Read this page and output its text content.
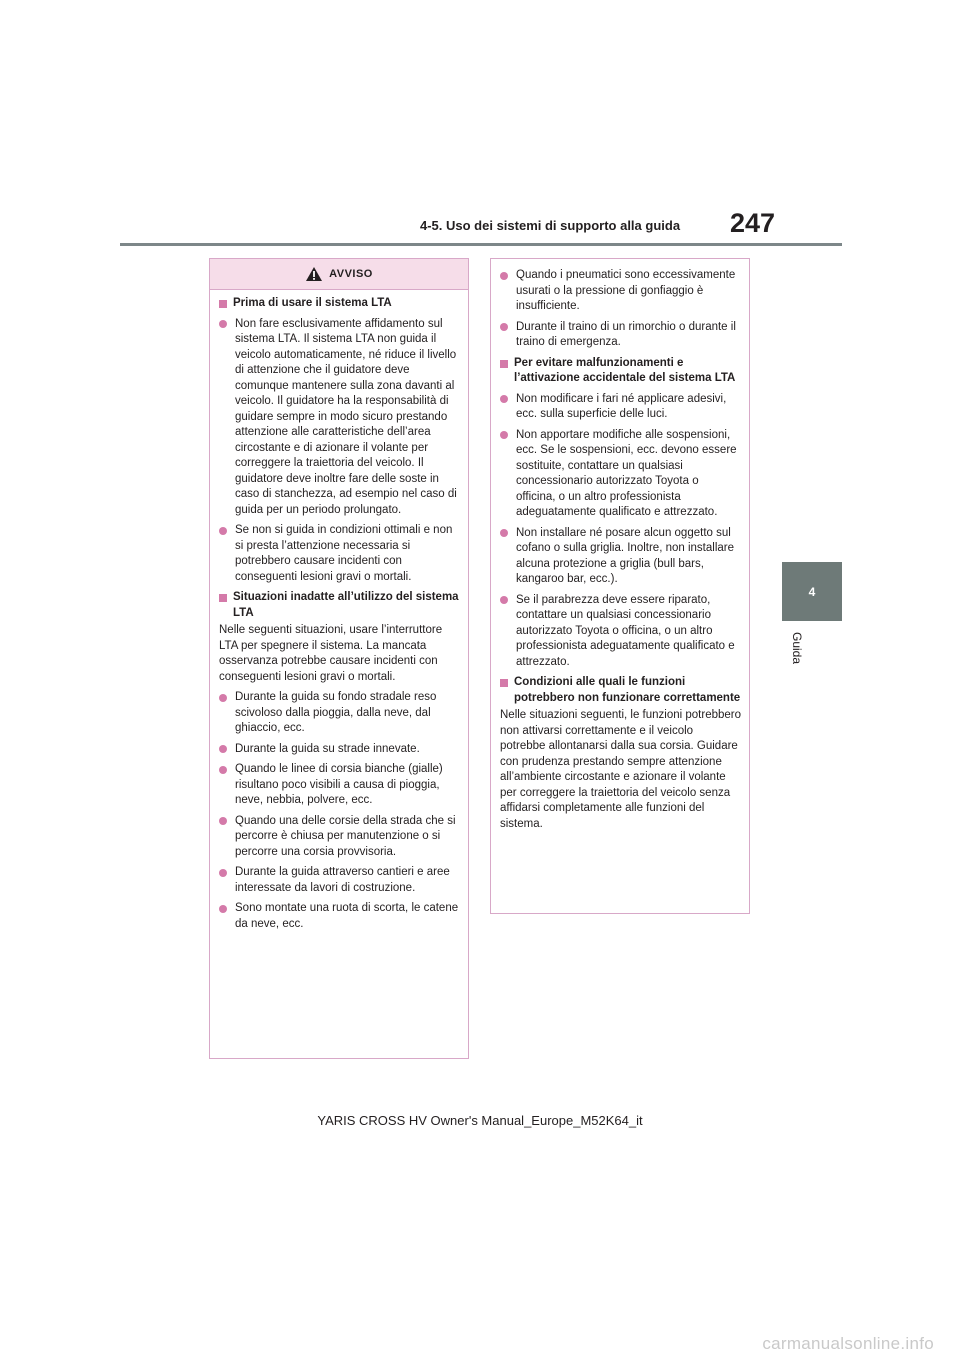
4-5. Uso dei sistemi di supporto alla guida 247
4
Guida
AVVISO
Prima di usare il sistema LTA
Non fare esclusivamente affidamento sul sistema LTA. Il sistema LTA non guida il veicolo automaticamente, né riduce il livello di attenzione che il guidatore deve comunque mantenere sulla zona davanti al veicolo. Il guidatore ha la responsabilità di guidare sempre in modo sicuro prestando attenzione alle caratteristiche dell’area circostante e di azionare il volante per correggere la traiettoria del veicolo. Il guidatore deve inoltre fare delle soste in caso di stanchezza, ad esempio nel caso di guida per un periodo prolungato.
Se non si guida in condizioni ottimali e non si presta l’attenzione necessaria si potrebbero causare incidenti con conseguenti lesioni gravi o mortali.
Situazioni inadatte all’utilizzo del sistema LTA
Nelle seguenti situazioni, usare l’interruttore LTA per spegnere il sistema. La mancata osservanza potrebbe causare incidenti con conseguenti lesioni gravi o mortali.
Durante la guida su fondo stradale reso scivoloso dalla pioggia, dalla neve, dal ghiaccio, ecc.
Durante la guida su strade innevate.
Quando le linee di corsia bianche (gialle) risultano poco visibili a causa di pioggia, neve, nebbia, polvere, ecc.
Quando una delle corsie della strada che si percorre è chiusa per manutenzione o si percorre una corsia provvisoria.
Durante la guida attraverso cantieri e aree interessate da lavori di costruzione.
Sono montate una ruota di scorta, le catene da neve, ecc.
Quando i pneumatici sono eccessivamente usurati o la pressione di gonfiaggio è insufficiente.
Durante il traino di un rimorchio o durante il traino di emergenza.
Per evitare malfunzionamenti e l’attivazione accidentale del sistema LTA
Non modificare i fari né applicare adesivi, ecc. sulla superficie delle luci.
Non apportare modifiche alle sospensioni, ecc. Se le sospensioni, ecc. devono essere sostituite, contattare un qualsiasi concessionario autorizzato Toyota o officina, o un altro professionista adeguatamente qualificato e attrezzato.
Non installare né posare alcun oggetto sul cofano o sulla griglia. Inoltre, non installare alcuna protezione a griglia (bull bars, kangaroo bar, ecc.).
Se il parabrezza deve essere riparato, contattare un qualsiasi concessionario autorizzato Toyota o officina, o un altro professionista adeguatamente qualificato e attrezzato.
Condizioni alle quali le funzioni potrebbero non funzionare correttamente
Nelle situazioni seguenti, le funzioni potrebbero non attivarsi correttamente e il veicolo potrebbe allontanarsi dalla sua corsia. Guidare con prudenza prestando sempre attenzione all’ambiente circostante e azionare il volante per correggere la traiettoria del veicolo senza affidarsi completamente alle funzioni del sistema.
YARIS CROSS HV Owner's Manual_Europe_M52K64_it
carmanualsonline.info
